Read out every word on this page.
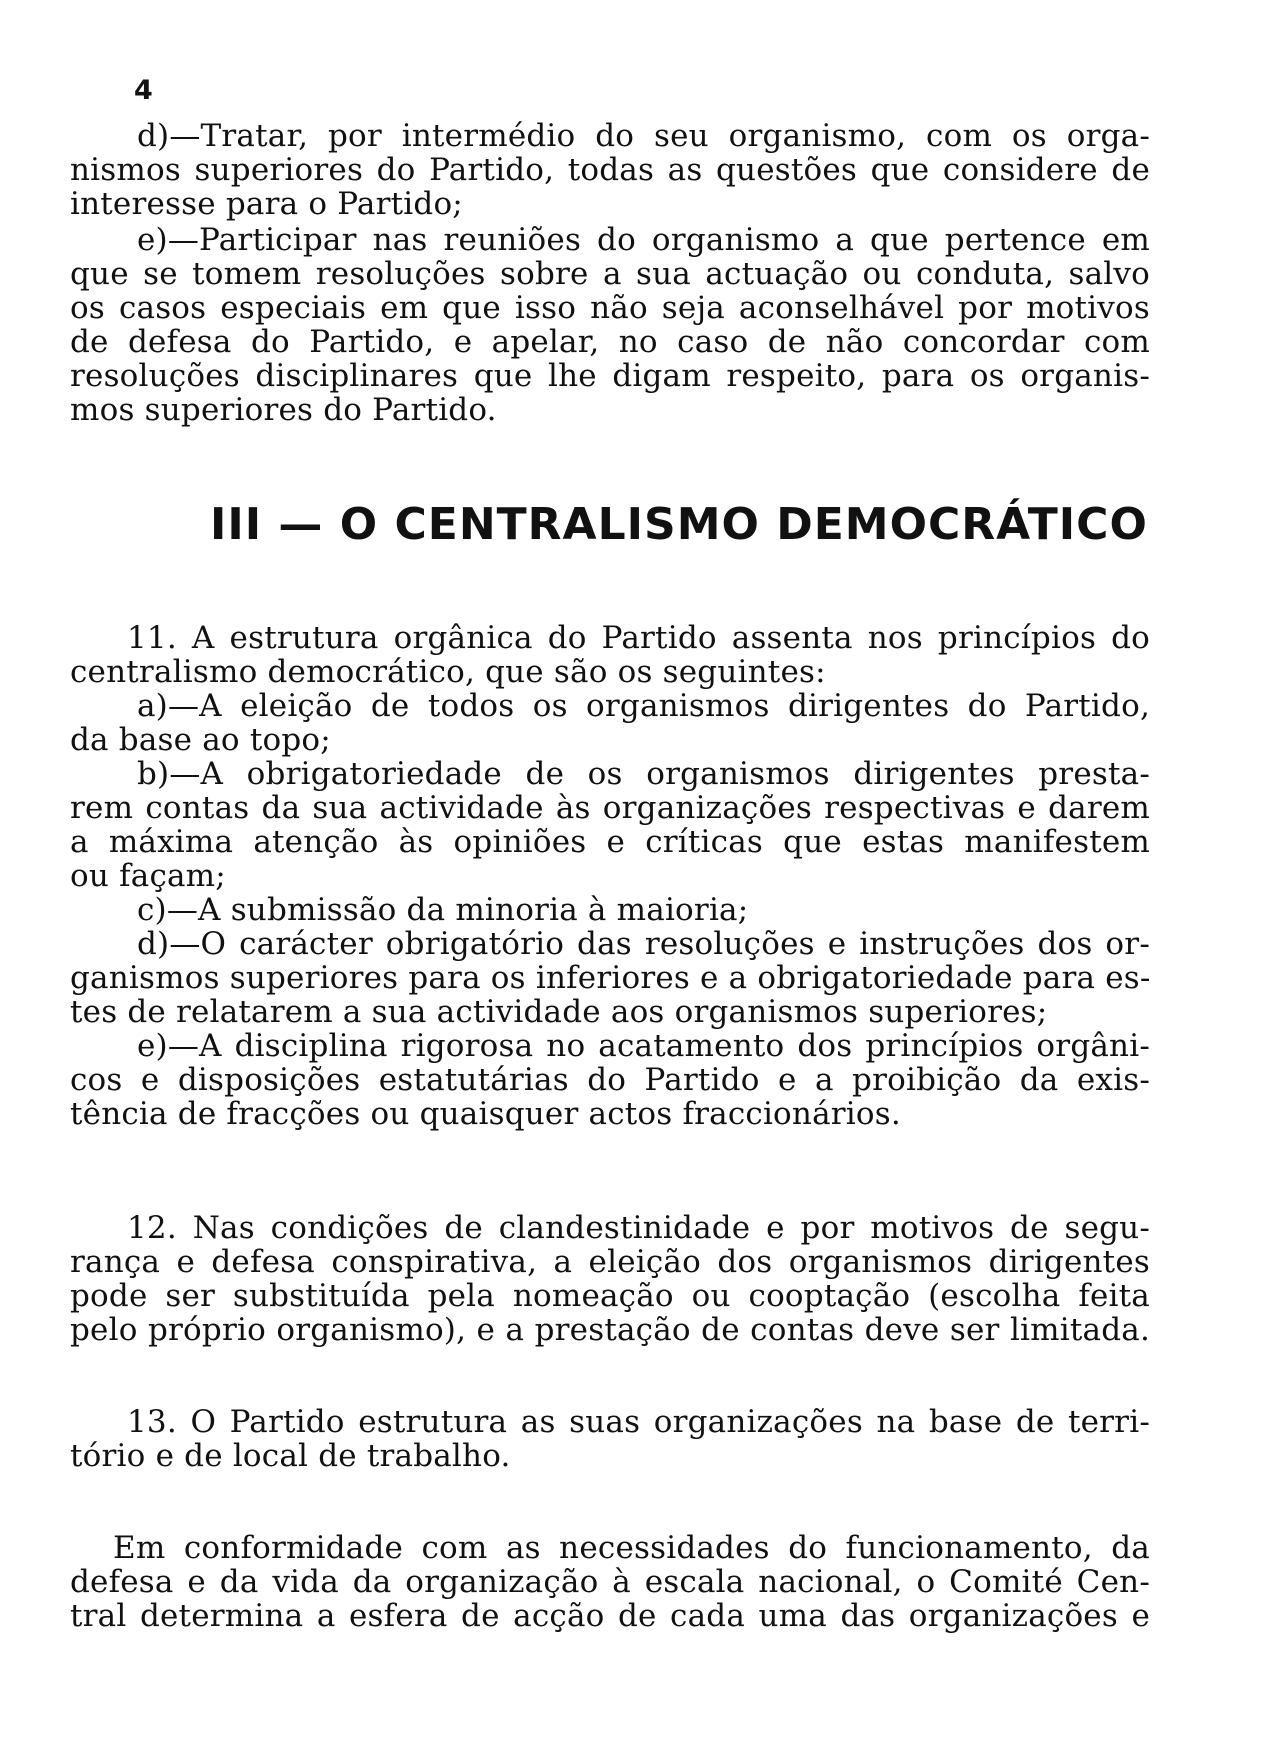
4

d)—Tratar, por intermédio do seu organismo, com os orga-

nismos superiores do Partido, todas as questões que considere de

interesse para o Partido;

e)—Participar nas reuniões do organismo a que pertence em

que se tomem resoluções sobre a sua actuação ou conduta, salvo

os casos especiais em que isso não seja aconselhável por motivos

de defesa do Partido, e apelar, no caso de não concordar com

resoluções disciplinares que lhe digam respeito, para os organis-

mos superiores do Partido.

III — O CENTRALISMO DEMOCRÁTICO

11. A estrutura orgânica do Partido assenta nos princípios do

centralismo democrático, que são os seguintes:

a)—A eleição de todos os organismos dirigentes do Partido,

da base ao topo;

b)—A obrigatoriedade de os organismos dirigentes presta-

rem contas da sua actividade às organizações respectivas e darem

a máxima atenção às opiniões e críticas que estas manifestem

ou façam;

c)—A submissão da minoria à maioria;

d)—O carácter obrigatório das resoluções e instruções dos or-

ganismos superiores para os inferiores e a obrigatoriedade para es-

tes de relatarem a sua actividade aos organismos superiores;

e)—A disciplina rigorosa no acatamento dos princípios orgâni-

cos e disposições estatutárias do Partido e a proibição da exis-

tência de fracções ou quaisquer actos fraccionários.

12. Nas condições de clandestinidade e por motivos de segu-

rança e defesa conspirativa, a eleição dos organismos dirigentes

pode ser substituída pela nomeação ou cooptação (escolha feita

pelo próprio organismo), e a prestação de contas deve ser limitada.

13. O Partido estrutura as suas organizações na base de terri-

tório e de local de trabalho.

Em conformidade com as necessidades do funcionamento, da

defesa e da vida da organização à escala nacional, o Comité Cen-

tral determina a esfera de acção de cada uma das organizações e
